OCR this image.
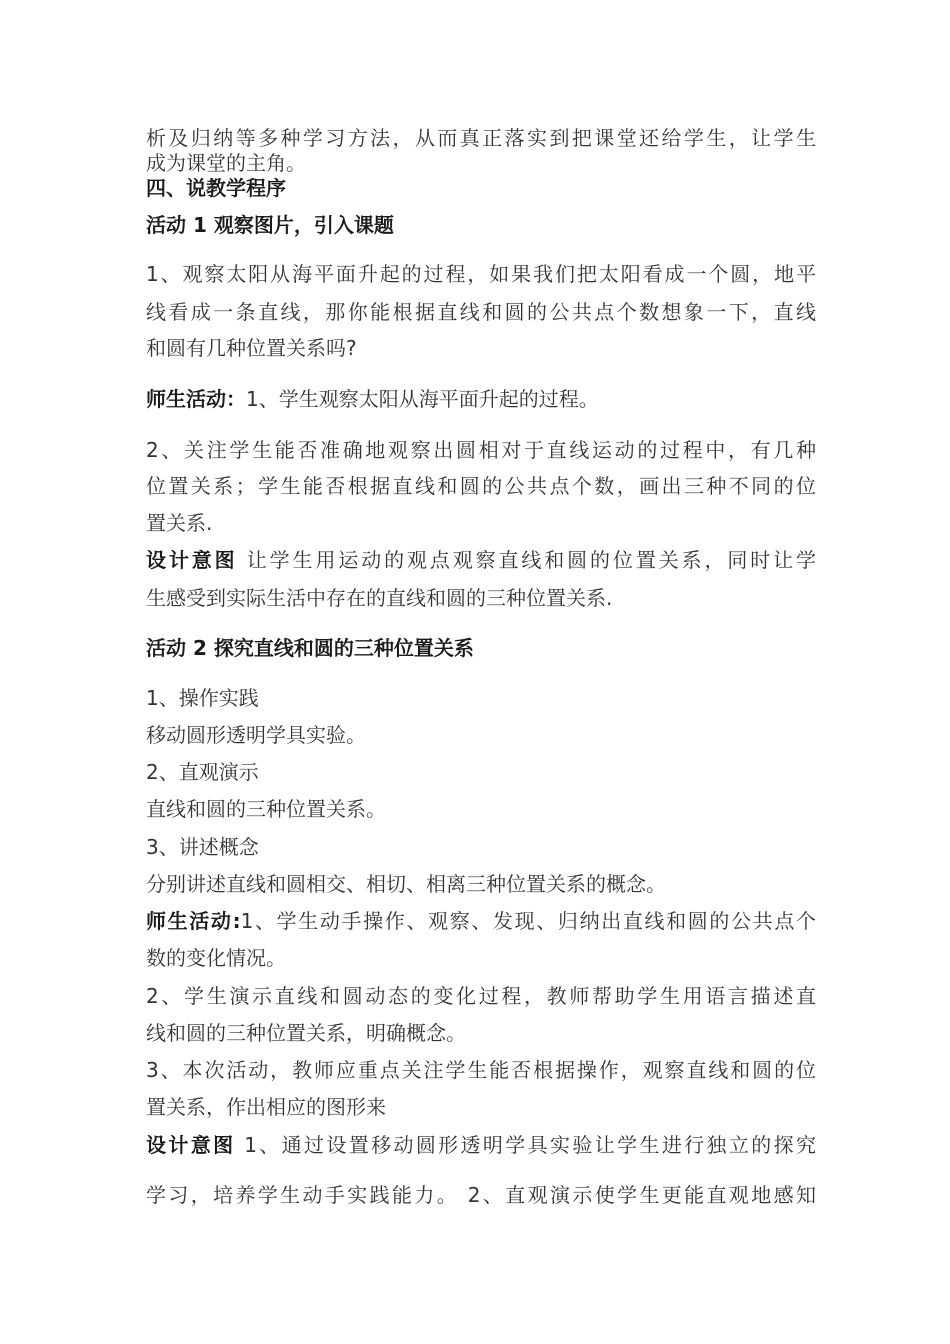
析及归纳等多种学习方法，从而真正落实到把课堂还给学生，让学生
成为课堂的主角。
四、说教学程序
活动 1 观察图片，引入课题
1、观察太阳从海平面升起的过程，如果我们把太阳看成一个圆，地平
线看成一条直线，那你能根据直线和圆的公共点个数想象一下，直线
和圆有几种位置关系吗?
师生活动：1、学生观察太阳从海平面升起的过程。
2、关注学生能否准确地观察出圆相对于直线运动的过程中，有几种
位置关系；学生能否根据直线和圆的公共点个数，画出三种不同的位
置关系.
设计意图 让学生用运动的观点观察直线和圆的位置关系，同时让学
生感受到实际生活中存在的直线和圆的三种位置关系.
活动 2 探究直线和圆的三种位置关系
1、操作实践
移动圆形透明学具实验。
2、直观演示
直线和圆的三种位置关系。
3、讲述概念
分别讲述直线和圆相交、相切、相离三种位置关系的概念。
师生活动:1、学生动手操作、观察、发现、归纳出直线和圆的公共点个
数的变化情况。
2、学生演示直线和圆动态的变化过程，教师帮助学生用语言描述直
线和圆的三种位置关系，明确概念。
3、本次活动，教师应重点关注学生能否根据操作，观察直线和圆的位
置关系，作出相应的图形来
设计意图 1、通过设置移动圆形透明学具实验让学生进行独立的探究
学习，培养学生动手实践能力。 2、直观演示使学生更能直观地感知
